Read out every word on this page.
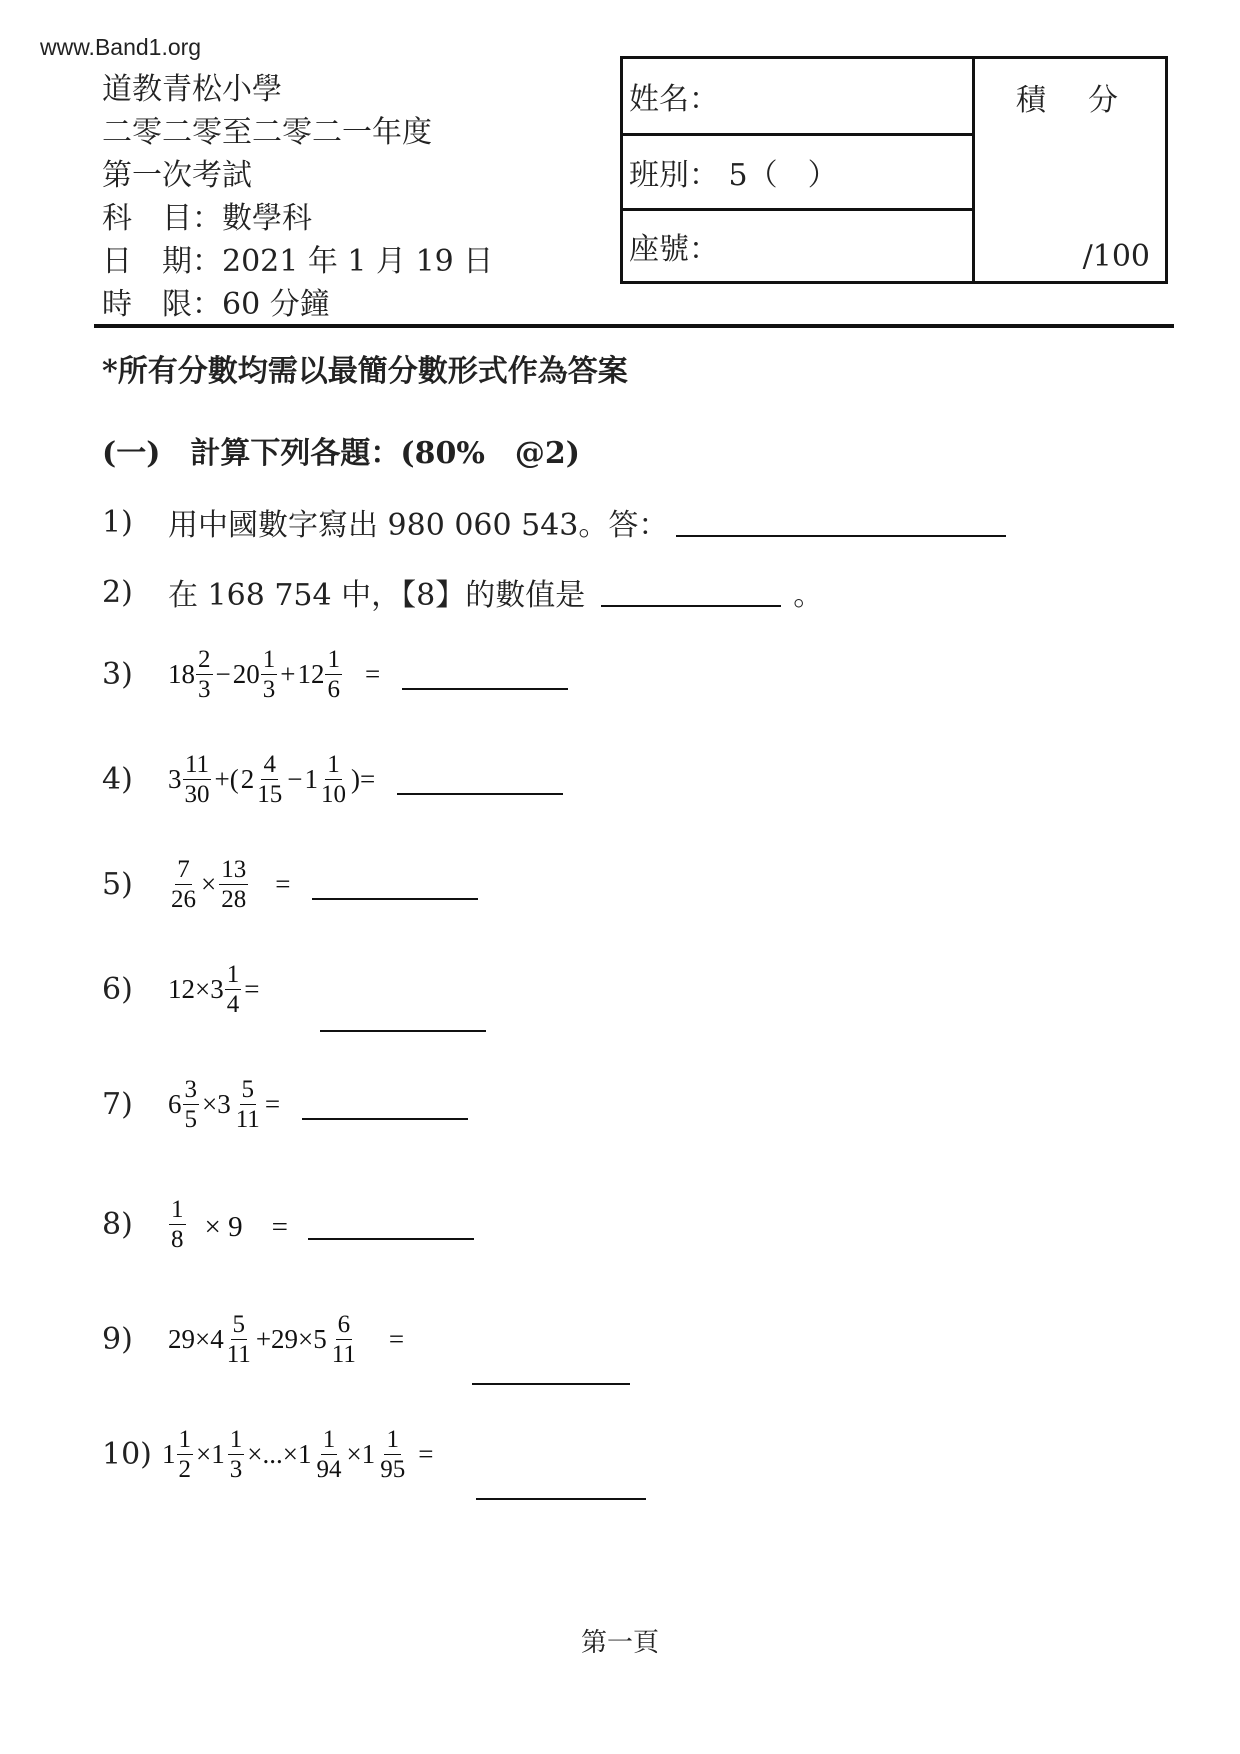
www.Band1.org
道教青松小學
二零二零至二零二一年度
第一次考試
科　目：數學科
日　期：2021 年 1 月 19 日
時　限：60 分鐘
姓名：
班別： 5（　）
座號：
積　分
/100
*所有分數均需以最簡分數形式作為答案
(一)　計算下列各題：(80%　@2)
1)	用中國數字寫出 980 060 543。答：
2)	在 168 754 中，【8】的數值是	。
3)	18 2
3
− 20 1
3
+ $12 \frac{1}{6}$ =
4)	3 11
30
+( 2 4
15
− 1 1
10
)=
5)	$\frac{7}{26} \times \frac{13}{28}$ =
6)	$12\times 3 \frac{1}{4}$ =
7)	$6 \frac{3}{5} \times 3 \frac{5}{11}$ =
8)	$\frac{1}{8} \times 9$　=
9)	29×4 5
11
$+29\times 5 \frac{6}{11}$ =
10) $1 \frac{1}{2} \times 1 \frac{1}{3} \times...\times 1 \frac{1}{94} \times 1 \frac{1}{95}$ =
第一頁
